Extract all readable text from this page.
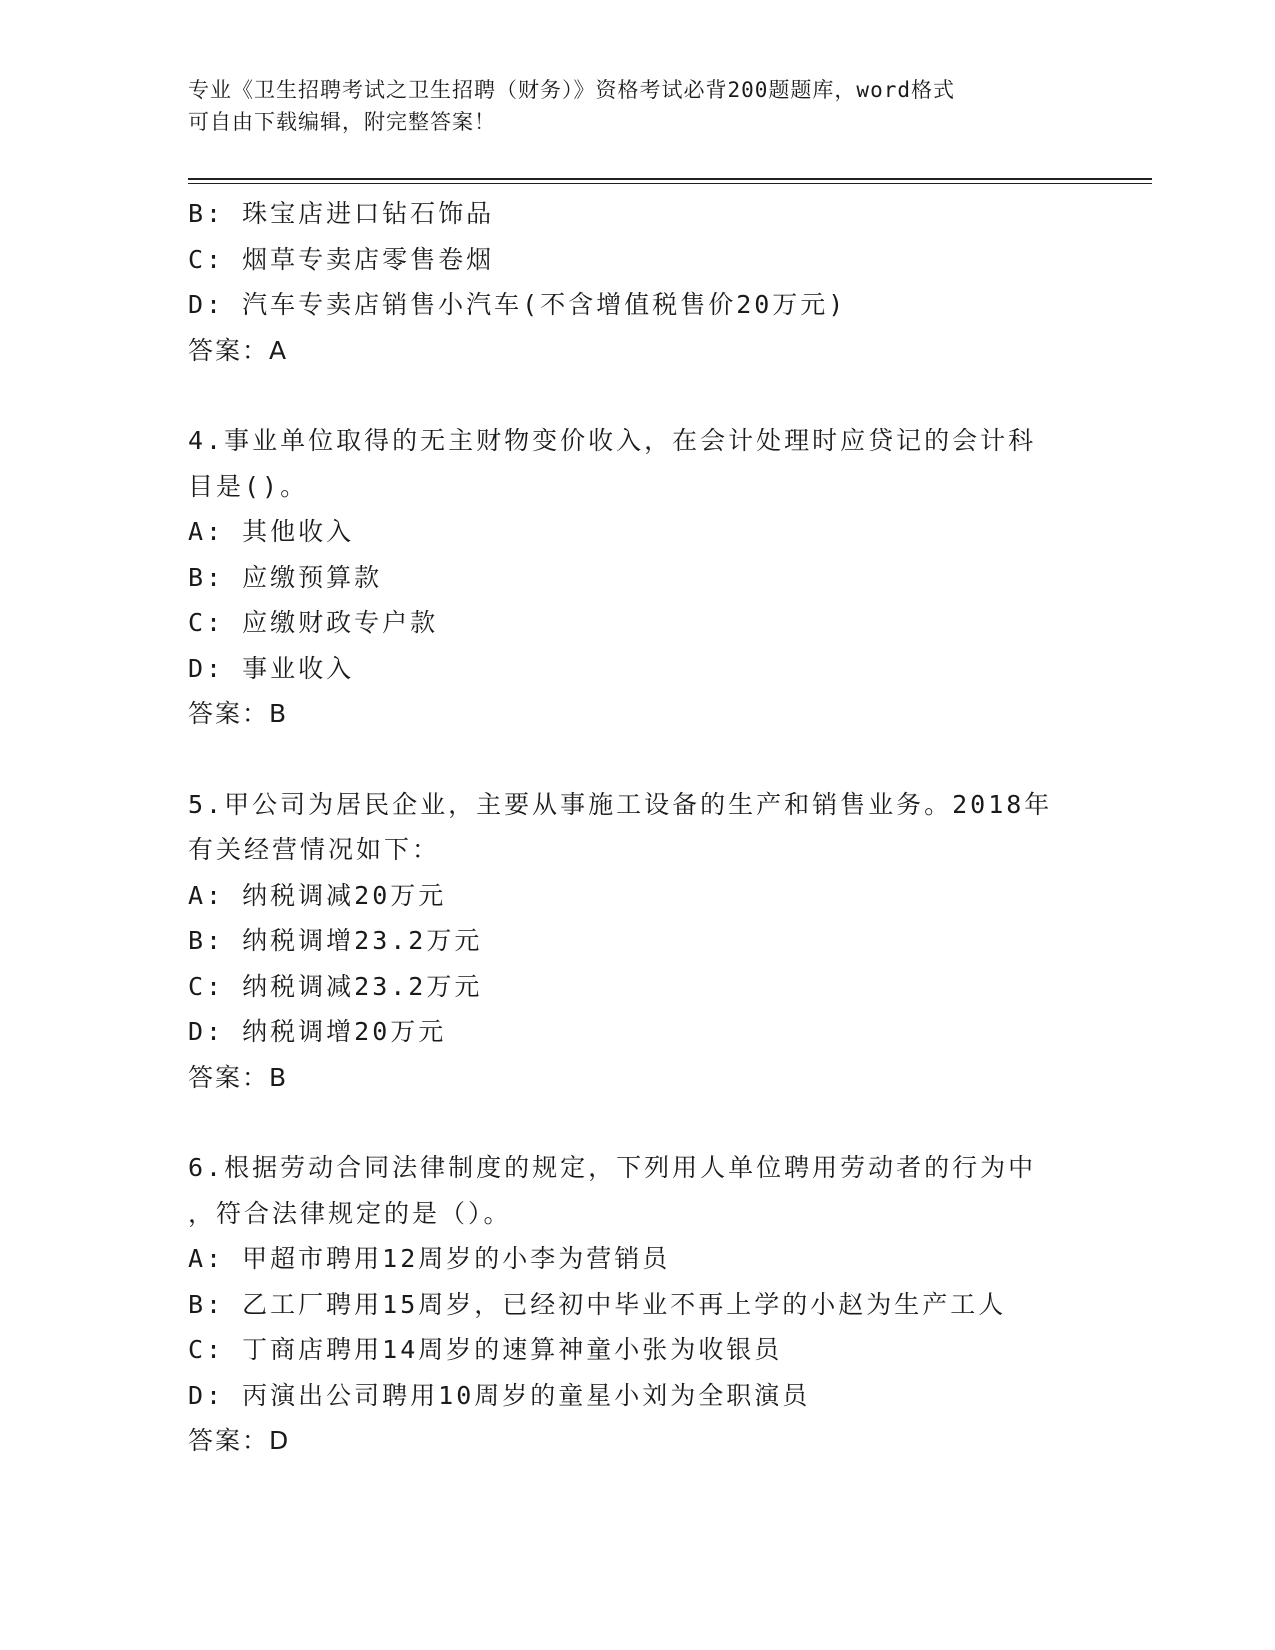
专业《卫生招聘考试之卫生招聘（财务）》资格考试必背200题题库，word格式
可自由下载编辑，附完整答案！
B: 珠宝店进口钻石饰品
C: 烟草专卖店零售卷烟
D: 汽车专卖店销售小汽车(不含增值税售价20万元)
答案：A
4.事业单位取得的无主财物变价收入，在会计处理时应贷记的会计科
目是()。
A: 其他收入
B: 应缴预算款
C: 应缴财政专户款
D: 事业收入
答案：B
5.甲公司为居民企业，主要从事施工设备的生产和销售业务。2018年
有关经营情况如下：
A: 纳税调减20万元
B: 纳税调增23.2万元
C: 纳税调减23.2万元
D: 纳税调增20万元
答案：B
6.根据劳动合同法律制度的规定，下列用人单位聘用劳动者的行为中
，符合法律规定的是（）。
A: 甲超市聘用12周岁的小李为营销员
B: 乙工厂聘用15周岁，已经初中毕业不再上学的小赵为生产工人
C: 丁商店聘用14周岁的速算神童小张为收银员
D: 丙演出公司聘用10周岁的童星小刘为全职演员
答案：D
